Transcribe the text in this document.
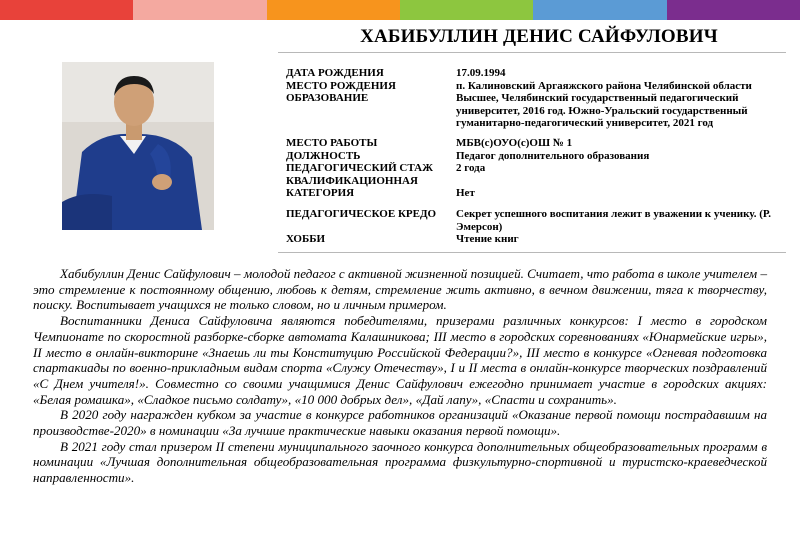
ХАБИБУЛЛИН ДЕНИС САЙФУЛОВИЧ
ДАТА РОЖДЕНИЯ	17.09.1994
МЕСТО РОЖДЕНИЯ	п. Калиновский Аргаяжского района Челябинской области
ОБРАЗОВАНИЕ	Высшее, Челябинский государственный педагогический университет, 2016 год. Южно-Уральский государственный гуманитарно-педагогический университет, 2021 год
МЕСТО РАБОТЫ	МБВ(с)ОУО(с)ОШ № 1
ДОЛЖНОСТЬ	Педагог дополнительного образования
ПЕДАГОГИЧЕСКИЙ СТАЖ	2 года
КВАЛИФИКАЦИОННАЯ КАТЕГОРИЯ	Нет
ПЕДАГОГИЧЕСКОЕ КРЕДО	Секрет успешного воспитания лежит в уважении к ученику. (Р. Эмерсон)
ХОББИ	Чтение книг

Хабибуллин Денис Сайфулович – молодой педагог с активной жизненной позицией. Считает, что работа в школе учителем – это стремление к постоянному общению, любовь к детям, стремление жить активно, в вечном движении, тяга к творчеству, поиску. Воспитывает учащихся не только словом, но и личным примером.

Воспитанники Дениса Сайфуловича являются победителями, призерами различных конкурсов: I место в городском Чемпионате по скоростной разборке-сборке автомата Калашникова; III место в городских соревнованиях «Юнармейские игры», II место в онлайн-викторине «Знаешь ли ты Конституцию Российской Федерации?», III место в конкурсе «Огневая подготовка спартакиады по военно-прикладным видам спорта «Служу Отечеству», I и II места в онлайн-конкурсе творческих поздравлений «С Днем учителя!». Совместно со своими учащимися Денис Сайфулович ежегодно принимает участие в городских акциях: «Белая ромашка», «Сладкое письмо солдату», «10 000 добрых дел», «Дай лапу», «Спасти и сохранить».

В 2020 году награжден кубком за участие в конкурсе работников организаций «Оказание первой помощи пострадавшим на производстве-2020» в номинации «За лучшие практические навыки оказания первой помощи».

В 2021 году стал призером II степени муниципального заочного конкурса дополнительных общеобразовательных программ в номинации «Лучшая дополнительная общеобразовательная программа физкультурно-спортивной и туристско-краеведческой направленности».
